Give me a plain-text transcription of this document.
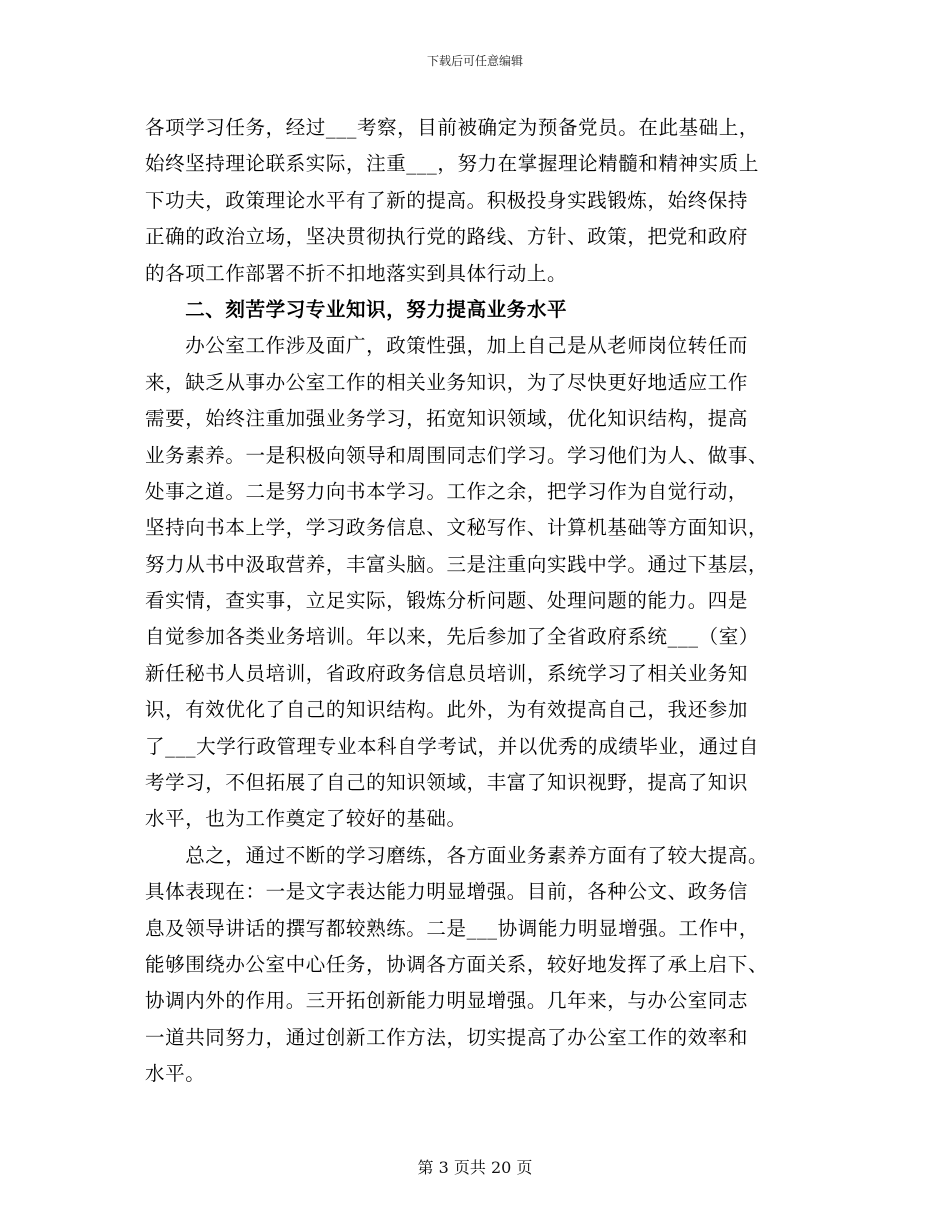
下载后可任意编辑
各项学习任务，经过___考察，目前被确定为预备党员。在此基础上，
始终坚持理论联系实际，注重___，努力在掌握理论精髓和精神实质上
下功夫，政策理论水平有了新的提高。积极投身实践锻炼，始终保持
正确的政治立场，坚决贯彻执行党的路线、方针、政策，把党和政府
的各项工作部署不折不扣地落实到具体行动上。
　　二、刻苦学习专业知识，努力提高业务水平
　　办公室工作涉及面广，政策性强，加上自己是从老师岗位转任而
来，缺乏从事办公室工作的相关业务知识，为了尽快更好地适应工作
需要，始终注重加强业务学习，拓宽知识领域，优化知识结构，提高
业务素养。一是积极向领导和周围同志们学习。学习他们为人、做事、
处事之道。二是努力向书本学习。工作之余，把学习作为自觉行动，
坚持向书本上学，学习政务信息、文秘写作、计算机基础等方面知识，
努力从书中汲取营养，丰富头脑。三是注重向实践中学。通过下基层，
看实情，查实事，立足实际，锻炼分析问题、处理问题的能力。四是
自觉参加各类业务培训。年以来，先后参加了全省政府系统___（室）
新任秘书人员培训，省政府政务信息员培训，系统学习了相关业务知
识，有效优化了自己的知识结构。此外，为有效提高自己，我还参加
了___大学行政管理专业本科自学考试，并以优秀的成绩毕业，通过自
考学习，不但拓展了自己的知识领域，丰富了知识视野，提高了知识
水平，也为工作奠定了较好的基础。
　　总之，通过不断的学习磨练，各方面业务素养方面有了较大提高。
具体表现在：一是文字表达能力明显增强。目前，各种公文、政务信
息及领导讲话的撰写都较熟练。二是___协调能力明显增强。工作中，
能够围绕办公室中心任务，协调各方面关系，较好地发挥了承上启下、
协调内外的作用。三开拓创新能力明显增强。几年来，与办公室同志
一道共同努力，通过创新工作方法，切实提高了办公室工作的效率和
水平。
第 3 页共 20 页
